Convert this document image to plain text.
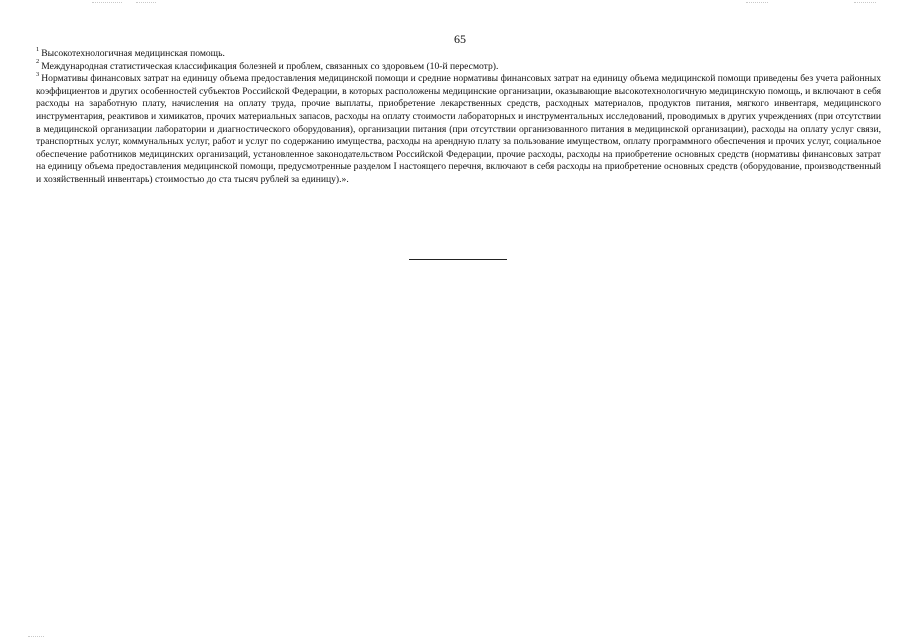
65

$^1$ Высокотехнологичная медицинская помощь.

$^2$ Международная статистическая классификация болезней и проблем, связанных со здоровьем (10-й пересмотр).

$^3$ Нормативы финансовых затрат на единицу объема предоставления медицинской помощи и средние нормативы финансовых затрат на единицу объема медицинской помощи приведены без учета районных коэффициентов и других особенностей субъектов Российской Федерации, в которых расположены медицинские организации, оказывающие высокотехнологичную медицинскую помощь, и включают в себя расходы на заработную плату, начисления на оплату труда, прочие выплаты, приобретение лекарственных средств, расходных материалов, продуктов питания, мягкого инвентаря, медицинского инструментария, реактивов и химикатов, прочих материальных запасов, расходы на оплату стоимости лабораторных и инструментальных исследований, проводимых в других учреждениях (при отсутствии в медицинской организации лаборатории и диагностического оборудования), организации питания (при отсутствии организованного питания в медицинской организации), расходы на оплату услуг связи, транспортных услуг, коммунальных услуг, работ и услуг по содержанию имущества, расходы на арендную плату за пользование имуществом, оплату программного обеспечения и прочих услуг, социальное обеспечение работников медицинских организаций, установленное законодательством Российской Федерации, прочие расходы, расходы на приобретение основных средств (нормативы финансовых затрат на единицу объема предоставления медицинской помощи, предусмотренные разделом I настоящего перечня, включают в себя расходы на приобретение основных средств (оборудование, производственный и хозяйственный инвентарь) стоимостью до ста тысяч рублей за единицу).».
